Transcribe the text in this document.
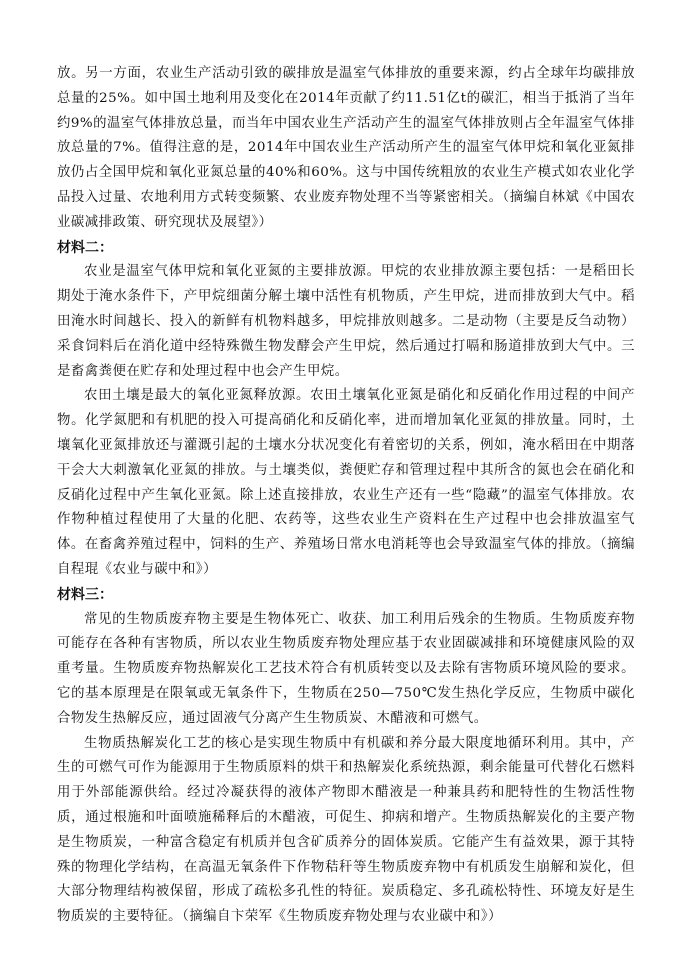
放。另一方面，农业生产活动引致的碳排放是温室气体排放的重要来源，约占全球年均碳排放总量的25%。如中国土地利用及变化在2014年贡献了约11.51亿t的碳汇，相当于抵消了当年约9%的温室气体排放总量，而当年中国农业生产活动产生的温室气体排放则占全年温室气体排放总量的7%。值得注意的是，2014年中国农业生产活动所产生的温室气体甲烷和氧化亚氮排放仍占全国甲烷和氧化亚氮总量的40%和60%。这与中国传统粗放的农业生产模式如农业化学品投入过量、农地利用方式转变频繁、农业废弃物处理不当等紧密相关。（摘编自林斌《中国农业碳减排政策、研究现状及展望》）

材料二：

农业是温室气体甲烷和氧化亚氮的主要排放源。甲烷的农业排放源主要包括：一是稻田长期处于淹水条件下，产甲烷细菌分解土壤中活性有机物质，产生甲烷，进而排放到大气中。稻田淹水时间越长、投入的新鲜有机物料越多，甲烷排放则越多。二是动物（主要是反刍动物）采食饲料后在消化道中经特殊微生物发酵会产生甲烷，然后通过打嗝和肠道排放到大气中。三是畜禽粪便在贮存和处理过程中也会产生甲烷。

农田土壤是最大的氧化亚氮释放源。农田土壤氧化亚氮是硝化和反硝化作用过程的中间产物。化学氮肥和有机肥的投入可提高硝化和反硝化率，进而增加氧化亚氮的排放量。同时，土壤氧化亚氮排放还与灌溉引起的土壤水分状况变化有着密切的关系，例如，淹水稻田在中期落干会大大刺激氧化亚氮的排放。与土壤类似，粪便贮存和管理过程中其所含的氮也会在硝化和反硝化过程中产生氧化亚氮。除上述直接排放，农业生产还有一些“隐藏”的温室气体排放。农作物种植过程使用了大量的化肥、农药等，这些农业生产资料在生产过程中也会排放温室气体。在畜禽养殖过程中，饲料的生产、养殖场日常水电消耗等也会导致温室气体的排放。（摘编自程琨《农业与碳中和》）

材料三：

常见的生物质废弃物主要是生物体死亡、收获、加工利用后残余的生物质。生物质废弃物可能存在各种有害物质，所以农业生物质废弃物处理应基于农业固碳减排和环境健康风险的双重考量。生物质废弃物热解炭化工艺技术符合有机质转变以及去除有害物质环境风险的要求。它的基本原理是在限氧或无氧条件下，生物质在250—750℃发生热化学反应，生物质中碳化合物发生热解反应，通过固液气分离产生生物质炭、木醋液和可燃气。

生物质热解炭化工艺的核心是实现生物质中有机碳和养分最大限度地循环利用。其中，产生的可燃气可作为能源用于生物质原料的烘干和热解炭化系统热源，剩余能量可代替化石燃料用于外部能源供给。经过冷凝获得的液体产物即木醋液是一种兼具药和肥特性的生物活性物质，通过根施和叶面喷施稀释后的木醋液，可促生、抑病和增产。生物质热解炭化的主要产物是生物质炭，一种富含稳定有机质并包含矿质养分的固体炭质。它能产生有益效果，源于其特殊的物理化学结构，在高温无氧条件下作物秸秆等生物质废弃物中有机质发生崩解和炭化，但大部分物理结构被保留，形成了疏松多孔性的特征。炭质稳定、多孔疏松特性、环境友好是生物质炭的主要特征。（摘编自卞荣军《生物质废弃物处理与农业碳中和》）
